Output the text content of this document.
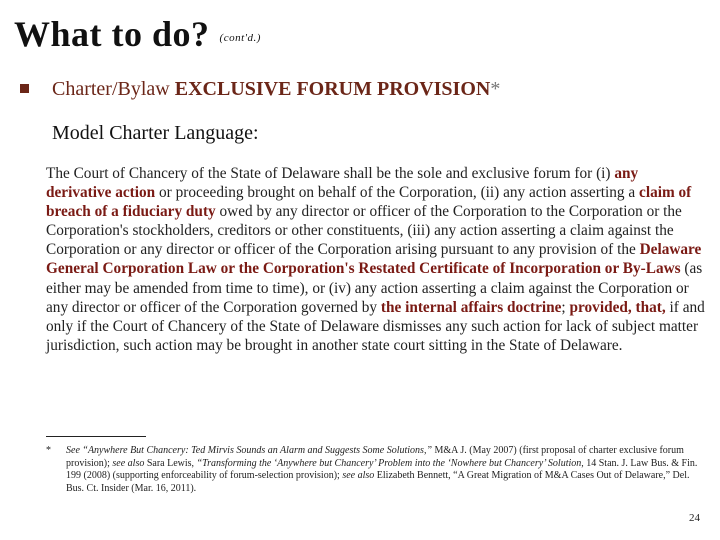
What to do? (cont'd.)
Charter/Bylaw EXCLUSIVE FORUM PROVISION*
Model Charter Language:

The Court of Chancery of the State of Delaware shall be the sole and exclusive forum for (i) any derivative action or proceeding brought on behalf of the Corporation, (ii) any action asserting a claim of breach of a fiduciary duty owed by any director or officer of the Corporation to the Corporation or the Corporation's stockholders, creditors or other constituents, (iii) any action asserting a claim against the Corporation or any director or officer of the Corporation arising pursuant to any provision of the Delaware General Corporation Law or the Corporation's Restated Certificate of Incorporation or By-Laws (as either may be amended from time to time), or (iv) any action asserting a claim against the Corporation or any director or officer of the Corporation governed by the internal affairs doctrine; provided, that, if and only if the Court of Chancery of the State of Delaware dismisses any such action for lack of subject matter jurisdiction, such action may be brought in another state court sitting in the State of Delaware.

* See “Anywhere But Chancery: Ted Mirvis Sounds an Alarm and Suggests Some Solutions,” M&A J. (May 2007) (first proposal of charter exclusive forum provision); see also Sara Lewis, “Transforming the ‘Anywhere but Chancery’ Problem into the ‘Nowhere but Chancery’ Solution, 14 Stan. J. Law Bus. & Fin. 199 (2008) (supporting enforceability of forum-selection provision); see also Elizabeth Bennett, “A Great Migration of M&A Cases Out of Delaware,” Del. Bus. Ct. Insider (Mar. 16, 2011).

24
